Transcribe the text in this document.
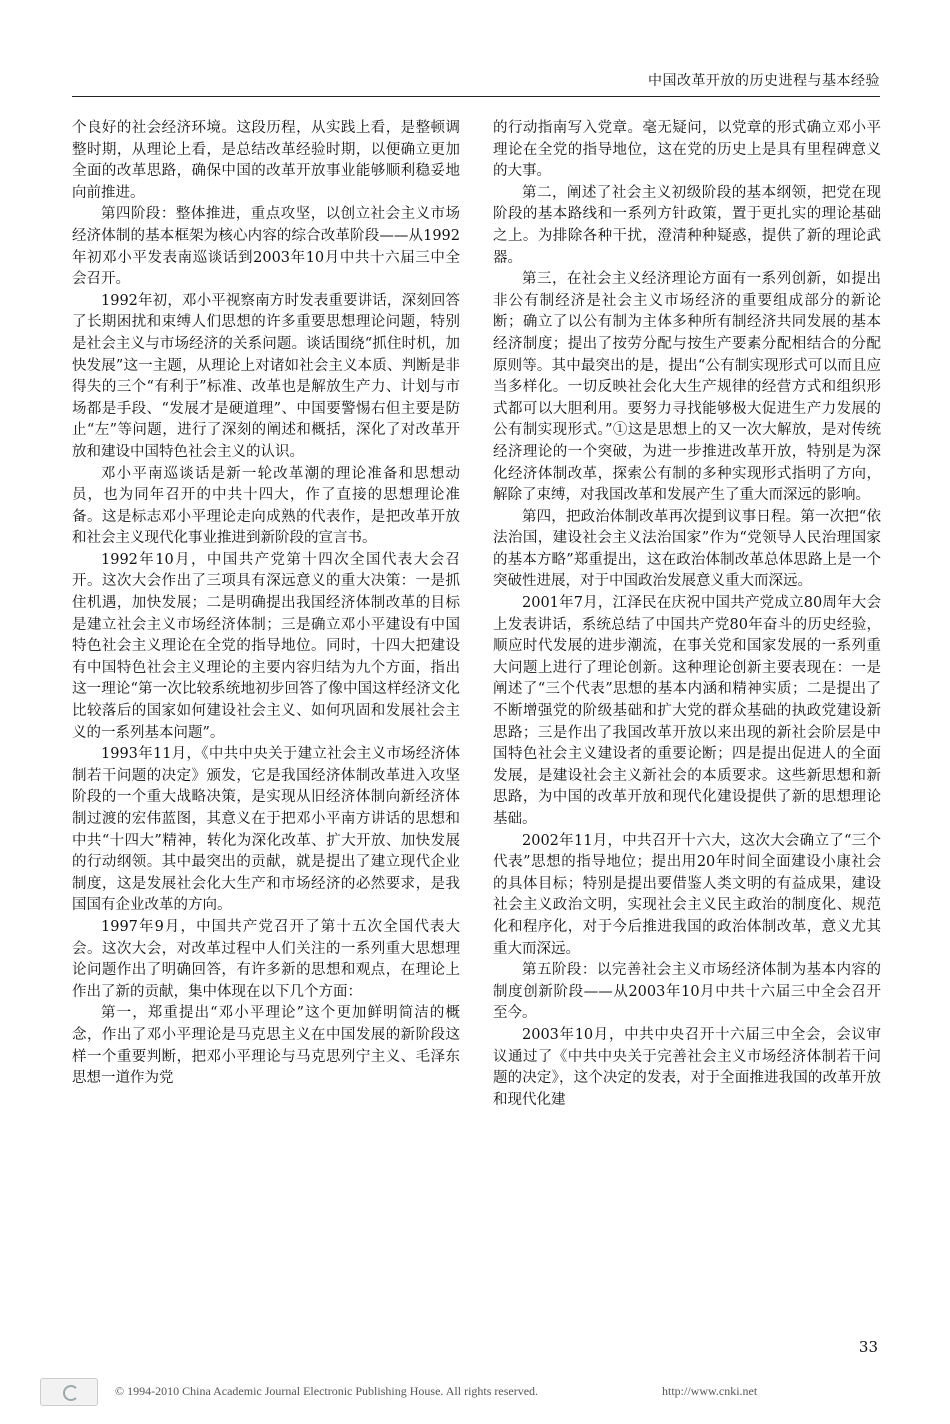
中国改革开放的历史进程与基本经验

个良好的社会经济环境。这段历程，从实践上看，是整顿调整时期，从理论上看，是总结改革经验时期，以便确立更加全面的改革思路，确保中国的改革开放事业能够顺利稳妥地向前推进。

第四阶段：整体推进，重点攻坚，以创立社会主义市场经济体制的基本框架为核心内容的综合改革阶段——从1992年初邓小平发表南巡谈话到2003年10月中共十六届三中全会召开。

1992年初，邓小平视察南方时发表重要讲话，深刻回答了长期困扰和束缚人们思想的许多重要思想理论问题，特别是社会主义与市场经济的关系问题。谈话围绕“抓住时机，加快发展”这一主题，从理论上对诸如社会主义本质、判断是非得失的三个“有利于”标准、改革也是解放生产力、计划与市场都是手段、“发展才是硬道理”、中国要警惕右但主要是防止“左”等问题，进行了深刻的阐述和概括，深化了对改革开放和建设中国特色社会主义的认识。

邓小平南巡谈话是新一轮改革潮的理论准备和思想动员，也为同年召开的中共十四大，作了直接的思想理论准备。这是标志邓小平理论走向成熟的代表作，是把改革开放和社会主义现代化事业推进到新阶段的宣言书。

1992年10月，中国共产党第十四次全国代表大会召开。这次大会作出了三项具有深远意义的重大决策：一是抓住机遇，加快发展；二是明确提出我国经济体制改革的目标是建立社会主义市场经济体制；三是确立邓小平建设有中国特色社会主义理论在全党的指导地位。同时，十四大把建设有中国特色社会主义理论的主要内容归结为九个方面，指出这一理论“第一次比较系统地初步回答了像中国这样经济文化比较落后的国家如何建设社会主义、如何巩固和发展社会主义的一系列基本问题”。

1993年11月，《中共中央关于建立社会主义市场经济体制若干问题的决定》颁发，它是我国经济体制改革进入攻坚阶段的一个重大战略决策，是实现从旧经济体制向新经济体制过渡的宏伟蓝图，其意义在于把邓小平南方讲话的思想和中共“十四大”精神，转化为深化改革、扩大开放、加快发展的行动纲领。其中最突出的贡献，就是提出了建立现代企业制度，这是发展社会化大生产和市场经济的必然要求，是我国国有企业改革的方向。

1997年9月，中国共产党召开了第十五次全国代表大会。这次大会，对改革过程中人们关注的一系列重大思想理论问题作出了明确回答，有许多新的思想和观点，在理论上作出了新的贡献，集中体现在以下几个方面：

第一，郑重提出“邓小平理论”这个更加鲜明简洁的概念，作出了邓小平理论是马克思主义在中国发展的新阶段这样一个重要判断，把邓小平理论与马克思列宁主义、毛泽东思想一道作为党

的行动指南写入党章。毫无疑问，以党章的形式确立邓小平理论在全党的指导地位，这在党的历史上是具有里程碑意义的大事。

第二，阐述了社会主义初级阶段的基本纲领，把党在现阶段的基本路线和一系列方针政策，置于更扎实的理论基础之上。为排除各种干扰，澄清种种疑惑，提供了新的理论武器。

第三，在社会主义经济理论方面有一系列创新，如提出非公有制经济是社会主义市场经济的重要组成部分的新论断；确立了以公有制为主体多种所有制经济共同发展的基本经济制度；提出了按劳分配与按生产要素分配相结合的分配原则等。其中最突出的是，提出“公有制实现形式可以而且应当多样化。一切反映社会化大生产规律的经营方式和组织形式都可以大胆利用。要努力寻找能够极大促进生产力发展的公有制实现形式。”①这是思想上的又一次大解放，是对传统经济理论的一个突破，为进一步推进改革开放，特别是为深化经济体制改革，探索公有制的多种实现形式指明了方向，解除了束缚，对我国改革和发展产生了重大而深远的影响。

第四，把政治体制改革再次提到议事日程。第一次把“依法治国，建设社会主义法治国家”作为“党领导人民治理国家的基本方略”郑重提出，这在政治体制改革总体思路上是一个突破性进展，对于中国政治发展意义重大而深远。

2001年7月，江泽民在庆祝中国共产党成立80周年大会上发表讲话，系统总结了中国共产党80年奋斗的历史经验，顺应时代发展的进步潮流，在事关党和国家发展的一系列重大问题上进行了理论创新。这种理论创新主要表现在：一是阐述了“三个代表”思想的基本内涵和精神实质；二是提出了不断增强党的阶级基础和扩大党的群众基础的执政党建设新思路；三是作出了我国改革开放以来出现的新社会阶层是中国特色社会主义建设者的重要论断；四是提出促进人的全面发展，是建设社会主义新社会的本质要求。这些新思想和新思路，为中国的改革开放和现代化建设提供了新的思想理论基础。

2002年11月，中共召开十六大，这次大会确立了“三个代表”思想的指导地位；提出用20年时间全面建设小康社会的具体目标；特别是提出要借鉴人类文明的有益成果，建设社会主义政治文明，实现社会主义民主政治的制度化、规范化和程序化，对于今后推进我国的政治体制改革，意义尤其重大而深远。

第五阶段：以完善社会主义市场经济体制为基本内容的制度创新阶段——从2003年10月中共十六届三中全会召开至今。

2003年10月，中共中央召开十六届三中全会，会议审议通过了《中共中央关于完善社会主义市场经济体制若干问题的决定》，这个决定的发表，对于全面推进我国的改革开放和现代化建

33
© 1994-2010 China Academic Journal Electronic Publishing House. All rights reserved.	http://www.cnki.net
